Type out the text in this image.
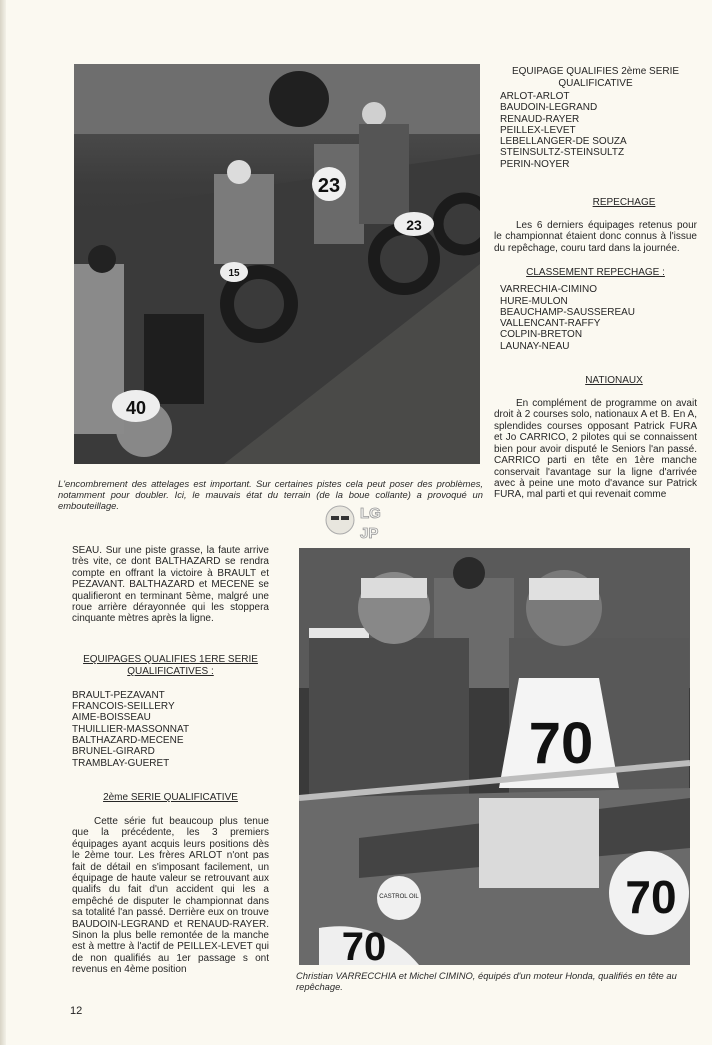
23
23
40
15
L'encombrement des attelages est important. Sur certaines pistes cela peut poser des problèmes, notamment pour doubler. Ici, le mauvais état du terrain (de la boue collante) a provoqué un embouteillage.	LG
JP
EQUIPAGE QUALIFIES 2ème SERIE QUALIFICATIVE
ARLOT-ARLOT
BAUDOIN-LEGRAND
RENAUD-RAYER
PEILLEX-LEVET
LEBELLANGER-DE SOUZA
STEINSULTZ-STEINSULTZ
PERIN-NOYER
REPECHAGE
Les 6 derniers équipages retenus pour le championnat étaient donc connus à l'issue du repêchage, couru tard dans la journée.
CLASSEMENT REPECHAGE :
VARRECHIA-CIMINO
HURE-MULON
BEAUCHAMP-SAUSSEREAU
VALLENCANT-RAFFY
COLPIN-BRETON
LAUNAY-NEAU
NATIONAUX
En complément de programme on avait droit à 2 courses solo, nationaux A et B. En A, splendides courses opposant Patrick FURA et Jo CARRICO, 2 pilotes qui se connaissent bien pour avoir disputé le Seniors l'an passé. CARRICO parti en tête en 1ère manche conservait l'avantage sur la ligne d'arrivée avec à peine une moto d'avance sur Patrick FURA, mal parti et qui revenait comme
SEAU. Sur une piste grasse, la faute arrive très vite, ce dont BALTHAZARD se rendra compte en offrant la victoire à BRAULT et PEZAVANT. BALTHAZARD et MECENE se qualifieront en terminant 5ème, malgré une roue arrière dérayonnée qui les stoppera cinquante mètres après la ligne.
EQUIPAGES QUALIFIES 1ERE SERIE QUALIFICATIVES :
BRAULT-PEZAVANT
FRANCOIS-SEILLERY
AIME-BOISSEAU
THUILLIER-MASSONNAT
BALTHAZARD-MECENE
BRUNEL-GIRARD
TRAMBLAY-GUERET
2ème SERIE QUALIFICATIVE
Cette série fut beaucoup plus tenue que la précédente, les 3 premiers équipages ayant acquis leurs positions dès le 2ème tour. Les frères ARLOT n'ont pas fait de détail en s'imposant facilement, un équipage de haute valeur se retrouvant aux qualifs du fait d'un accident qui les a empêché de disputer le championnat dans sa totalité l'an passé. Derrière eux on trouve BAUDOIN-LEGRAND et RENAUD-RAYER. Sinon la plus belle remontée de la manche est à mettre à l'actif de PEILLEX-LEVET qui de non qualifiés au 1er passage s ont revenus en 4ème position
70
70
70
CASTROL OIL
Christian VARRECCHIA et Michel CIMINO, équipés d'un moteur Honda, qualifiés en tête au repêchage.
12
